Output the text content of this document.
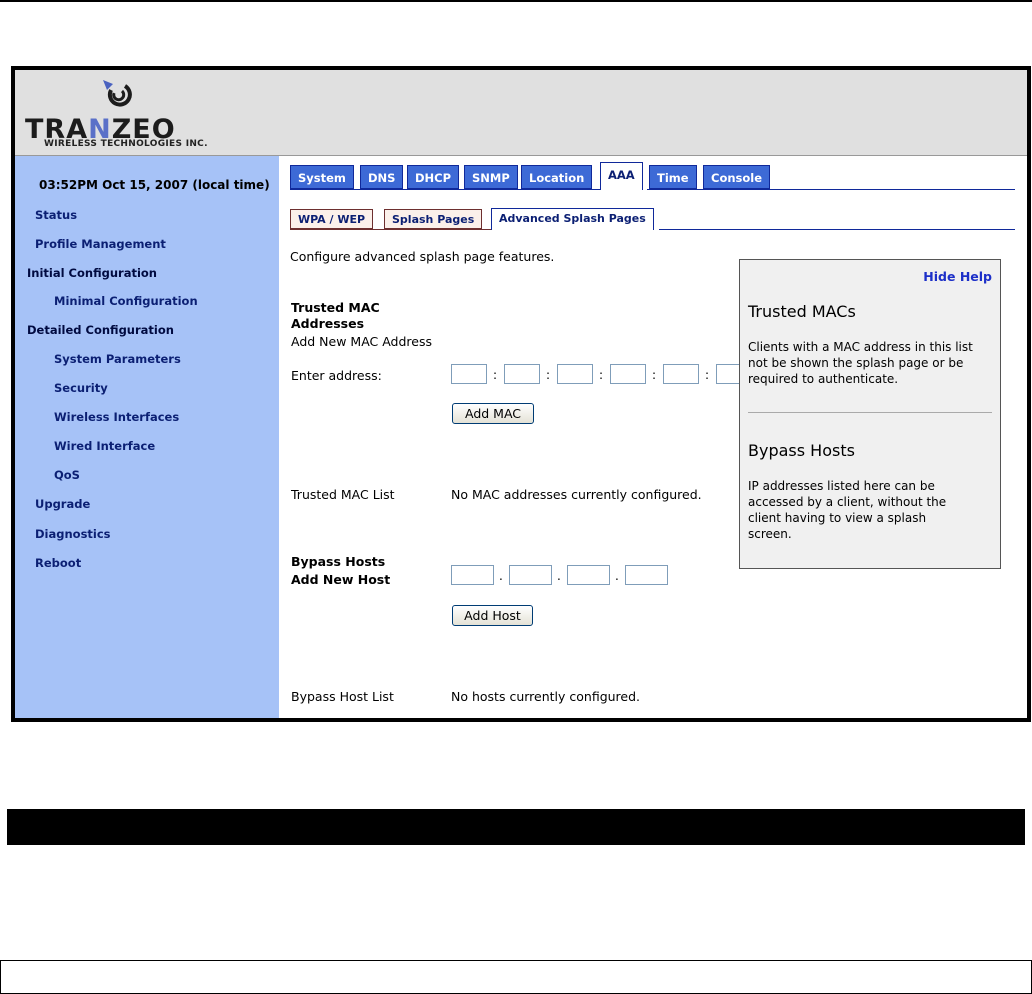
TRANZEO
WIRELESS TECHNOLOGIES INC.
03:52PM Oct 15, 2007 (local time)
Status
Profile Management
Initial Configuration
Minimal Configuration
Detailed Configuration
System Parameters
Security
Wireless Interfaces
Wired Interface
QoS
Upgrade
Diagnostics
Reboot
System	DNS	DHCP	SNMP	Location	AAA	Time	Console
WPA / WEP	Splash Pages	Advanced Splash Pages
Configure advanced splash page features.
Trusted MAC
Addresses
Add New MAC Address
Enter address:	:	:	:	:	:
Add MAC
Trusted MAC List	No MAC addresses currently configured.
Bypass Hosts
Add New Host	.	.	.
Add Host
Bypass Host List	No hosts currently configured.
Hide Help
Trusted MACs

Clients with a MAC address in this list

not be shown the splash page or be

required to authenticate.

Bypass Hosts

IP addresses listed here can be

accessed by a client, without the

client having to view a splash

screen.
